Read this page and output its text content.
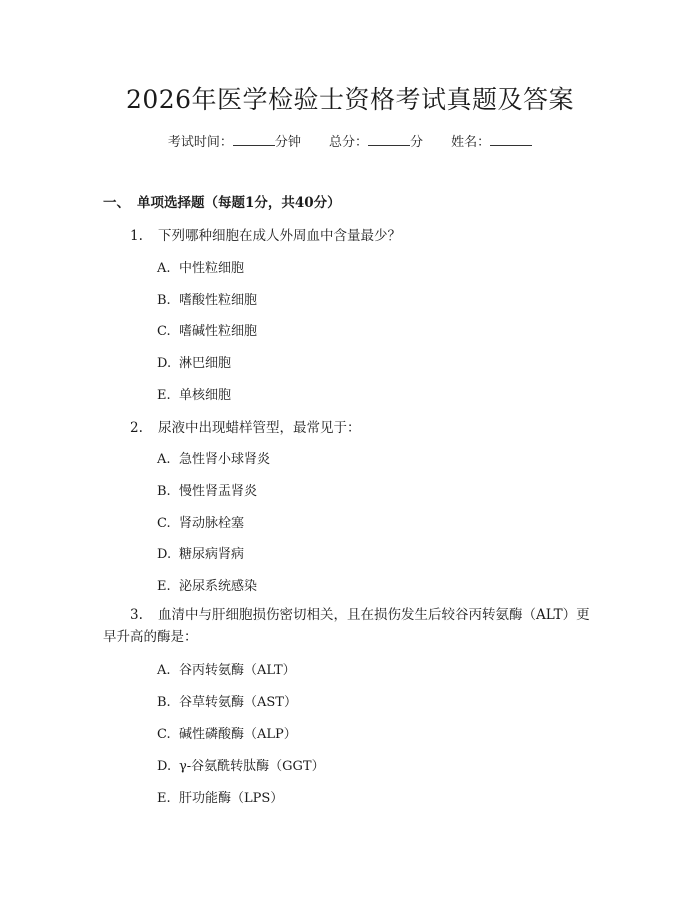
2026年医学检验士资格考试真题及答案
考试时间：	分钟 总分：	分 姓名：
一、 单项选择题（每题1分，共40分）
1. 下列哪种细胞在成人外周血中含量最少？
A. 中性粒细胞
B. 嗜酸性粒细胞
C. 嗜碱性粒细胞
D. 淋巴细胞
E. 单核细胞
2. 尿液中出现蜡样管型，最常见于：
A. 急性肾小球肾炎
B. 慢性肾盂肾炎
C. 肾动脉栓塞
D. 糖尿病肾病
E. 泌尿系统感染
3. 血清中与肝细胞损伤密切相关，且在损伤发生后较谷丙转氨酶（ALT）更早升高的酶是：
A. 谷丙转氨酶（ALT）
B. 谷草转氨酶（AST）
C. 碱性磷酸酶（ALP）
D. γ-谷氨酰转肽酶（GGT）
E. 肝功能酶（LPS）
